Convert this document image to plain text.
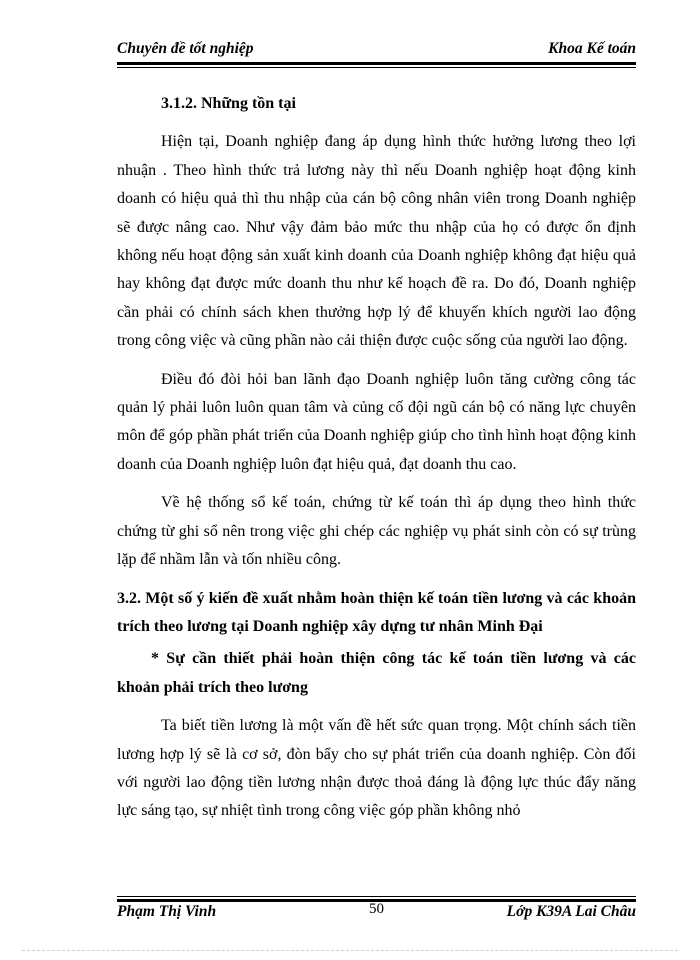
Chuyên đề tốt nghiệp	Khoa Kế toán
3.1.2. Những tồn tại

Hiện tại, Doanh nghiệp đang áp dụng hình thức hưởng lương theo lợi nhuận . Theo hình thức trả lương này thì nếu Doanh nghiệp hoạt động kinh doanh có hiệu quả thì thu nhập của cán bộ công nhân viên trong Doanh nghiệp sẽ được nâng cao. Như vậy đảm bảo mức thu nhập của họ có được ổn định không nếu hoạt động sản xuất kinh doanh của Doanh nghiệp không đạt hiệu quả hay không đạt được mức doanh thu như kế hoạch đề ra. Do đó, Doanh nghiệp cần phải có chính sách khen thưởng hợp lý để khuyến khích người lao động trong công việc và cũng phần nào cải thiện được cuộc sống của người lao động.

Điều đó đòi hỏi ban lãnh đạo Doanh nghiệp luôn tăng cường công tác quản lý phải luôn luôn quan tâm và củng cố đội ngũ cán bộ có năng lực chuyên môn để góp phần phát triển của Doanh nghiệp giúp cho tình hình hoạt động kinh doanh của Doanh nghiệp luôn đạt hiệu quả, đạt doanh thu cao.

Về hệ thống sổ kế toán, chứng từ kế toán thì áp dụng theo hình thức chứng từ ghi sổ nên trong việc ghi chép các nghiệp vụ phát sinh còn có sự trùng lặp để nhầm lẫn và tốn nhiều công.

3.2. Một số ý kiến đề xuất nhằm hoàn thiện kế toán tiền lương và các khoản trích theo lương tại Doanh nghiệp xây dựng tư nhân Minh Đại
* Sự cần thiết phải hoàn thiện công tác kế toán tiền lương và các khoản phải trích theo lương

Ta biết tiền lương là một vấn đề hết sức quan trọng. Một chính sách tiền lương hợp lý sẽ là cơ sở, đòn bẩy cho sự phát triển của doanh nghiệp. Còn đối với người lao động tiền lương nhận được thoả đáng là động lực thúc đẩy năng lực sáng tạo, sự nhiệt tình trong công việc góp phần không nhỏ

Phạm Thị Vinh	50	Lớp K39A Lai Châu
